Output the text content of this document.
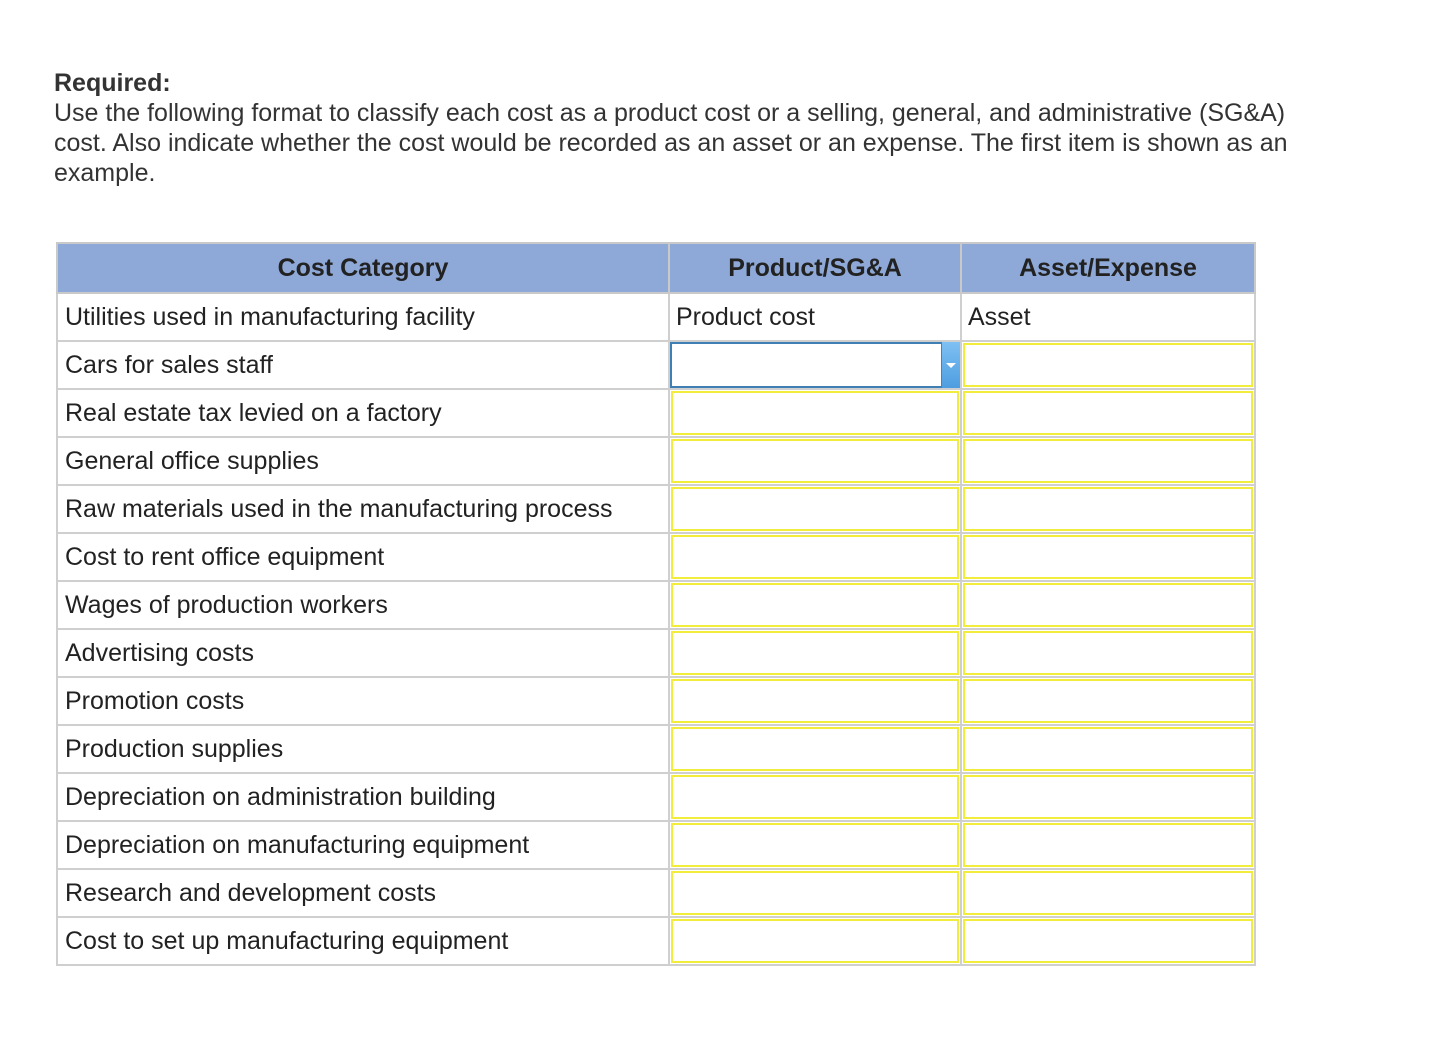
Required:
Use the following format to classify each cost as a product cost or a selling, general, and administrative (SG&A) cost. Also indicate whether the cost would be recorded as an asset or an expense. The first item is shown as an example.
Cost Category	Product/SG&A	Asset/Expense
Utilities used in manufacturing facility	Product cost	Asset

Cars for sales staff	

Real estate tax levied on a factory	

General office supplies	

Raw materials used in the manufacturing process	

Cost to rent office equipment	

Wages of production workers	

Advertising costs	

Promotion costs	

Production supplies	

Depreciation on administration building	

Depreciation on manufacturing equipment	

Research and development costs	

Cost to set up manufacturing equipment	
